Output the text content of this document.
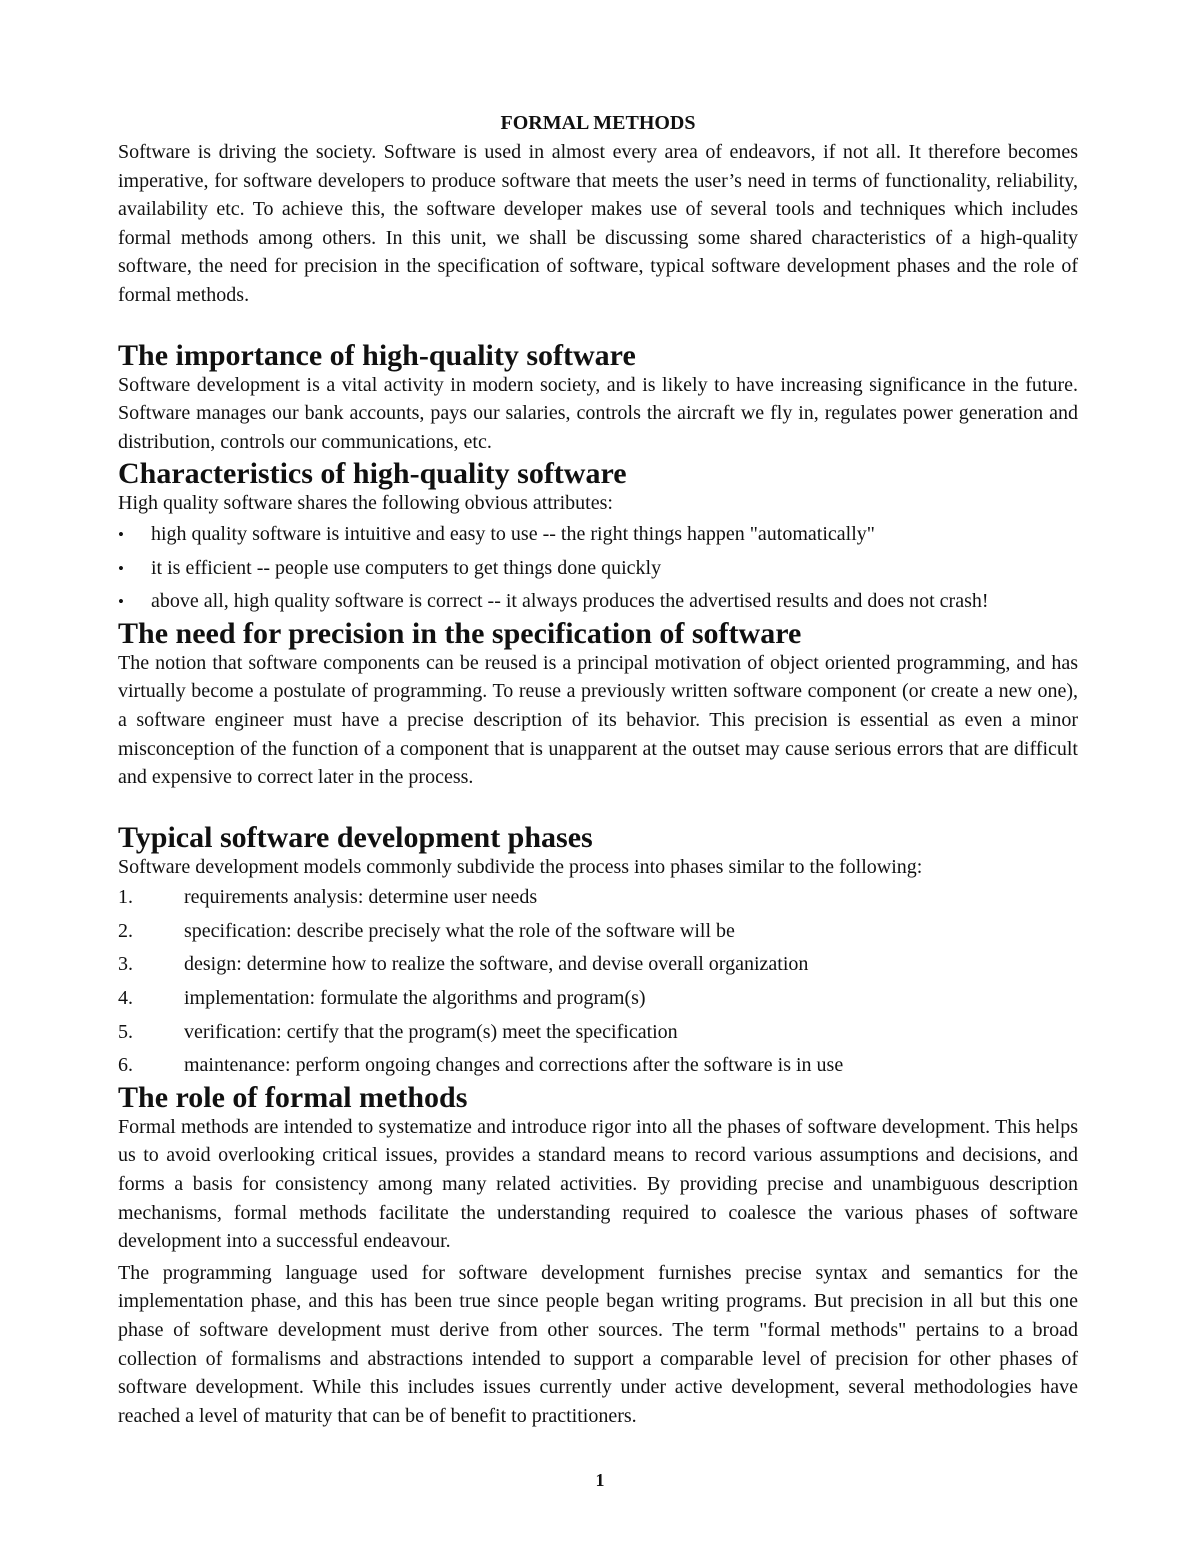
FORMAL METHODS

Software is driving the society. Software is used in almost every area of endeavors, if not all. It therefore becomes imperative, for software developers to produce software that meets the user’s need in terms of functionality, reliability, availability etc. To achieve this, the software developer makes use of several tools and techniques which includes formal methods among others. In this unit, we shall be discussing some shared characteristics of a high-quality software, the need for precision in the specification of software, typical software development phases and the role of formal methods.

The importance of high-quality software

Software development is a vital activity in modern society, and is likely to have increasing significance in the future. Software manages our bank accounts, pays our salaries, controls the aircraft we fly in, regulates power generation and distribution, controls our communications, etc.

Characteristics of high-quality software

High quality software shares the following obvious attributes:

• high quality software is intuitive and easy to use -- the right things happen "automatically"
• it is efficient -- people use computers to get things done quickly
• above all, high quality software is correct -- it always produces the advertised results and does not crash!
The need for precision in the specification of software

The notion that software components can be reused is a principal motivation of object oriented programming, and has virtually become a postulate of programming. To reuse a previously written software component (or create a new one), a software engineer must have a precise description of its behavior. This precision is essential as even a minor misconception of the function of a component that is unapparent at the outset may cause serious errors that are difficult and expensive to correct later in the process.

Typical software development phases

Software development models commonly subdivide the process into phases similar to the following:

1.	requirements analysis: determine user needs
2.	specification: describe precisely what the role of the software will be
3.	design: determine how to realize the software, and devise overall organization
4.	implementation: formulate the algorithms and program(s)
5.	verification: certify that the program(s) meet the specification
6.	maintenance: perform ongoing changes and corrections after the software is in use
The role of formal methods

Formal methods are intended to systematize and introduce rigor into all the phases of software development. This helps us to avoid overlooking critical issues, provides a standard means to record various assumptions and decisions, and forms a basis for consistency among many related activities. By providing precise and unambiguous description mechanisms, formal methods facilitate the understanding required to coalesce the various phases of software development into a successful endeavour.

The programming language used for software development furnishes precise syntax and semantics for the implementation phase, and this has been true since people began writing programs. But precision in all but this one phase of software development must derive from other sources. The term "formal methods" pertains to a broad collection of formalisms and abstractions intended to support a comparable level of precision for other phases of software development. While this includes issues currently under active development, several methodologies have reached a level of maturity that can be of benefit to practitioners.

1
